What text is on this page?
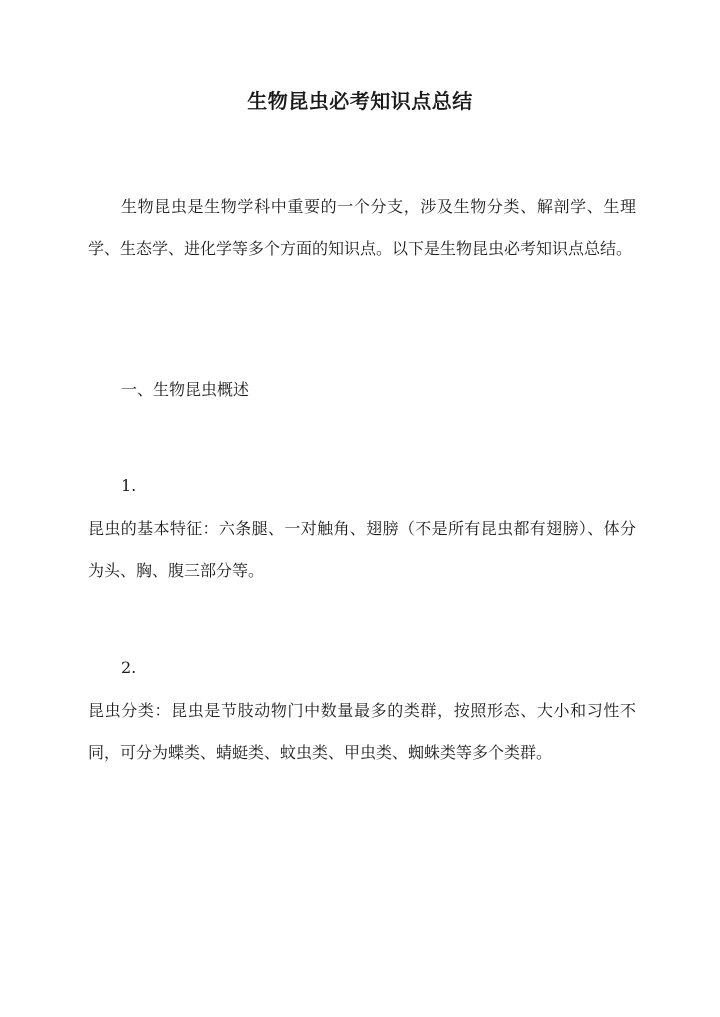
生物昆虫必考知识点总结

生物昆虫是生物学科中重要的一个分支，涉及生物分类、解剖学、生理学、生态学、进化学等多个方面的知识点。以下是生物昆虫必考知识点总结。

一、生物昆虫概述

1.

昆虫的基本特征：六条腿、一对触角、翅膀（不是所有昆虫都有翅膀）、体分为头、胸、腹三部分等。

2.

昆虫分类：昆虫是节肢动物门中数量最多的类群，按照形态、大小和习性不同，可分为蝶类、蜻蜓类、蚊虫类、甲虫类、蜘蛛类等多个类群。
